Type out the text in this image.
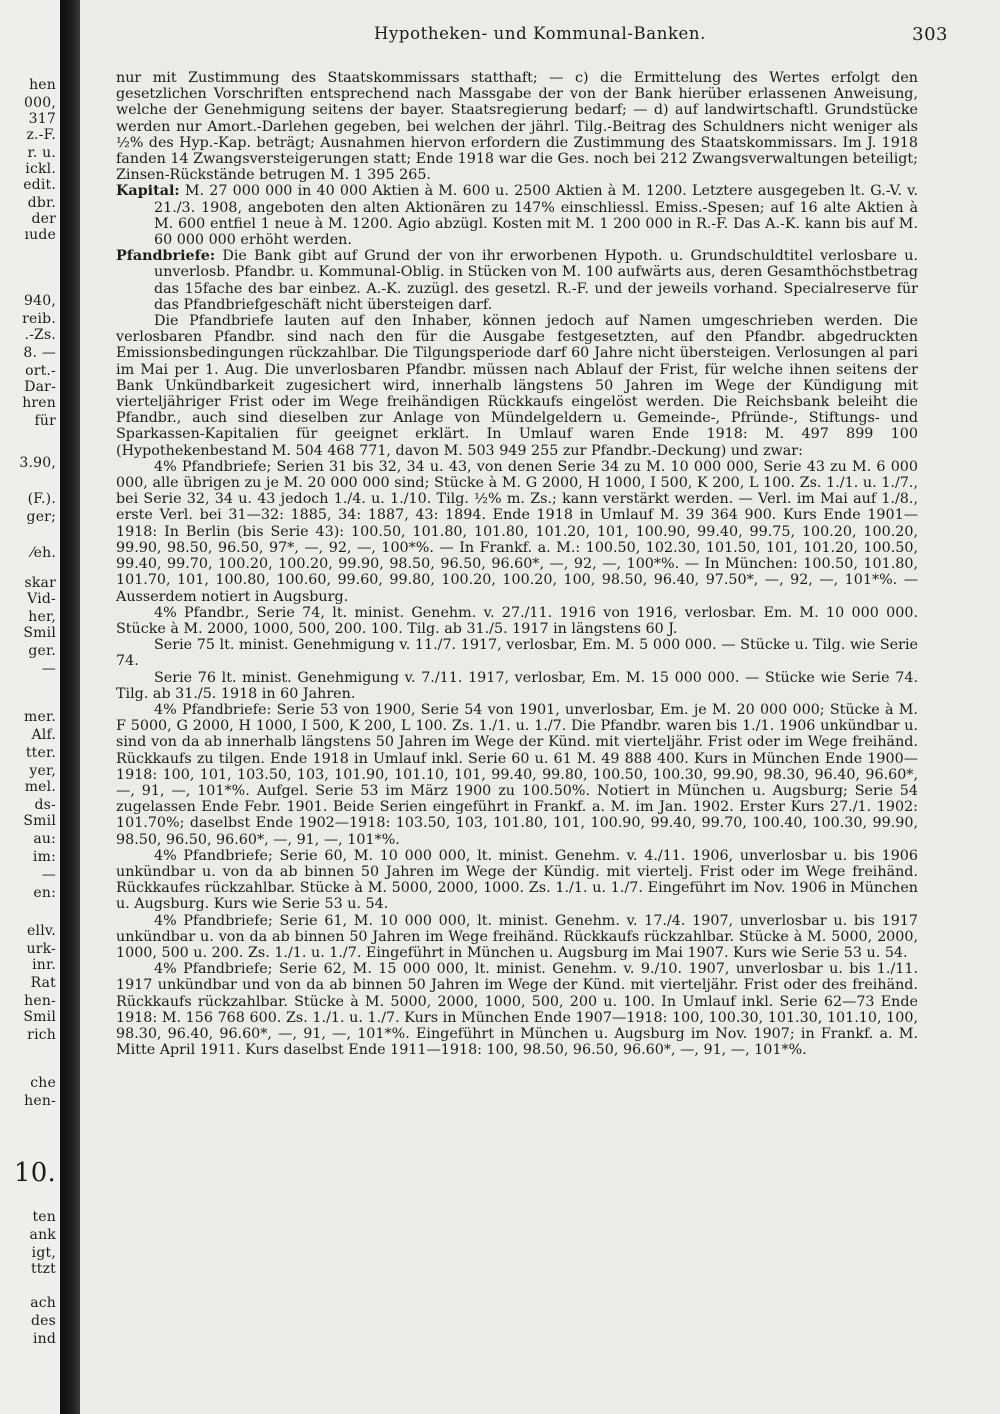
hen
000,
317
z.-F.
r. u.
ickl.
edit.
dbr.
der
ıude
940,
reib.
.-Zs.
8. —
ort.-
Dar-
hren
für
3.90,
(F.).
ger;
⁄eh.
skar
Vid-
her,
Smil
ger.
—
mer.
Alf.
tter.
yer,
mel.
ds-
Smil
au:
im:
—
en:
ellv.
urk-
inr.
Rat
hen-
Smil
rich
che
hen-
10.
ten
ank
igt,
ttzt
ach
des
ind
Hypotheken- und Kommunal-Banken.	303

nur mit Zustimmung des Staatskommissars statthaft; — c) die Ermittelung des Wertes erfolgt den gesetzlichen Vorschriften entsprechend nach Massgabe der von der Bank hierüber erlassenen Anweisung, welche der Genehmigung seitens der bayer. Staatsregierung bedarf; — d) auf landwirtschaftl. Grundstücke werden nur Amort.-Darlehen gegeben, bei welchen der jährl. Tilg.-Beitrag des Schuldners nicht weniger als ½% des Hyp.-Kap. beträgt; Ausnahmen hiervon erfordern die Zustimmung des Staatskommissars. Im J. 1918 fanden 14 Zwangsversteigerungen statt; Ende 1918 war die Ges. noch bei 212 Zwangsverwaltungen beteiligt; Zinsen-Rückstände betrugen M. 1 395 265.

Kapital: M. 27 000 000 in 40 000 Aktien à M. 600 u. 2500 Aktien à M. 1200. Letztere ausgegeben lt. G.-V. v. 21./3. 1908, angeboten den alten Aktionären zu 147% einschliessl. Emiss.-Spesen; auf 16 alte Aktien à M. 600 entfiel 1 neue à M. 1200. Agio abzügl. Kosten mit M. 1 200 000 in R.-F. Das A.-K. kann bis auf M. 60 000 000 erhöht werden.

Pfandbriefe: Die Bank gibt auf Grund der von ihr erworbenen Hypoth. u. Grundschuldtitel verlosbare u. unverlosb. Pfandbr. u. Kommunal-Oblig. in Stücken von M. 100 aufwärts aus, deren Gesamthöchstbetrag das 15fache des bar einbez. A.-K. zuzügl. des gesetzl. R.-F. und der jeweils vorhand. Specialreserve für das Pfandbriefgeschäft nicht übersteigen darf.

Die Pfandbriefe lauten auf den Inhaber, können jedoch auf Namen umgeschrieben werden. Die verlosbaren Pfandbr. sind nach den für die Ausgabe festgesetzten, auf den Pfandbr. abgedruckten Emissionsbedingungen rückzahlbar. Die Tilgungsperiode darf 60 Jahre nicht übersteigen. Verlosungen al pari im Mai per 1. Aug. Die unverlosbaren Pfandbr. müssen nach Ablauf der Frist, für welche ihnen seitens der Bank Unkündbarkeit zugesichert wird, innerhalb längstens 50 Jahren im Wege der Kündigung mit vierteljähriger Frist oder im Wege freihändigen Rückkaufs eingelöst werden. Die Reichsbank beleiht die Pfandbr., auch sind dieselben zur Anlage von Mündelgeldern u. Gemeinde-, Pfründe-, Stiftungs- und Sparkassen-Kapitalien für geeignet erklärt. In Umlauf waren Ende 1918: M. 497 899 100 (Hypothekenbestand M. 504 468 771, davon M. 503 949 255 zur Pfandbr.-Deckung) und zwar:

4% Pfandbriefe; Serien 31 bis 32, 34 u. 43, von denen Serie 34 zu M. 10 000 000, Serie 43 zu M. 6 000 000, alle übrigen zu je M. 20 000 000 sind; Stücke à M. G 2000, H 1000, I 500, K 200, L 100. Zs. 1./1. u. 1./7., bei Serie 32, 34 u. 43 jedoch 1./4. u. 1./10. Tilg. ½% m. Zs.; kann verstärkt werden. — Verl. im Mai auf 1./8., erste Verl. bei 31—32: 1885, 34: 1887, 43: 1894. Ende 1918 in Umlauf M. 39 364 900. Kurs Ende 1901—1918: In Berlin (bis Serie 43): 100.50, 101.80, 101.80, 101.20, 101, 100.90, 99.40, 99.75, 100.20, 100.20, 99.90, 98.50, 96.50, 97*, —, 92, —, 100*%. — In Frankf. a. M.: 100.50, 102.30, 101.50, 101, 101.20, 100.50, 99.40, 99.70, 100.20, 100.20, 99.90, 98.50, 96.50, 96.60*, —, 92, —, 100*%. — In München: 100.50, 101.80, 101.70, 101, 100.80, 100.60, 99.60, 99.80, 100.20, 100.20, 100, 98.50, 96.40, 97.50*, —, 92, —, 101*%. — Ausserdem notiert in Augsburg.

4% Pfandbr., Serie 74, lt. minist. Genehm. v. 27./11. 1916 von 1916, verlosbar. Em. M. 10 000 000. Stücke à M. 2000, 1000, 500, 200. 100. Tilg. ab 31./5. 1917 in längstens 60 J.

Serie 75 lt. minist. Genehmigung v. 11./7. 1917, verlosbar, Em. M. 5 000 000. — Stücke u. Tilg. wie Serie 74.

Serie 76 lt. minist. Genehmigung v. 7./11. 1917, verlosbar, Em. M. 15 000 000. — Stücke wie Serie 74. Tilg. ab 31./5. 1918 in 60 Jahren.

4% Pfandbriefe: Serie 53 von 1900, Serie 54 von 1901, unverlosbar, Em. je M. 20 000 000; Stücke à M. F 5000, G 2000, H 1000, I 500, K 200, L 100. Zs. 1./1. u. 1./7. Die Pfandbr. waren bis 1./1. 1906 unkündbar u. sind von da ab innerhalb längstens 50 Jahren im Wege der Künd. mit vierteljähr. Frist oder im Wege freihänd. Rückkaufs zu tilgen. Ende 1918 in Umlauf inkl. Serie 60 u. 61 M. 49 888 400. Kurs in München Ende 1900—1918: 100, 101, 103.50, 103, 101.90, 101.10, 101, 99.40, 99.80, 100.50, 100.30, 99.90, 98.30, 96.40, 96.60*, —, 91, —, 101*%. Aufgel. Serie 53 im März 1900 zu 100.50%. Notiert in München u. Augsburg; Serie 54 zugelassen Ende Febr. 1901. Beide Serien eingeführt in Frankf. a. M. im Jan. 1902. Erster Kurs 27./1. 1902: 101.70%; daselbst Ende 1902—1918: 103.50, 103, 101.80, 101, 100.90, 99.40, 99.70, 100.40, 100.30, 99.90, 98.50, 96.50, 96.60*, —, 91, —, 101*%.

4% Pfandbriefe; Serie 60, M. 10 000 000, lt. minist. Genehm. v. 4./11. 1906, unverlosbar u. bis 1906 unkündbar u. von da ab binnen 50 Jahren im Wege der Kündig. mit viertelj. Frist oder im Wege freihänd. Rückkaufes rückzahlbar. Stücke à M. 5000, 2000, 1000. Zs. 1./1. u. 1./7. Eingeführt im Nov. 1906 in München u. Augsburg. Kurs wie Serie 53 u. 54.

4% Pfandbriefe; Serie 61, M. 10 000 000, lt. minist. Genehm. v. 17./4. 1907, unverlosbar u. bis 1917 unkündbar u. von da ab binnen 50 Jahren im Wege freihänd. Rückkaufs rückzahlbar. Stücke à M. 5000, 2000, 1000, 500 u. 200. Zs. 1./1. u. 1./7. Eingeführt in München u. Augsburg im Mai 1907. Kurs wie Serie 53 u. 54.

4% Pfandbriefe; Serie 62, M. 15 000 000, lt. minist. Genehm. v. 9./10. 1907, unverlosbar u. bis 1./11. 1917 unkündbar und von da ab binnen 50 Jahren im Wege der Künd. mit vierteljähr. Frist oder des freihänd. Rückkaufs rückzahlbar. Stücke à M. 5000, 2000, 1000, 500, 200 u. 100. In Umlauf inkl. Serie 62—73 Ende 1918: M. 156 768 600. Zs. 1./1. u. 1./7. Kurs in München Ende 1907—1918: 100, 100.30, 101.30, 101.10, 100, 98.30, 96.40, 96.60*, —, 91, —, 101*%. Eingeführt in München u. Augsburg im Nov. 1907; in Frankf. a. M. Mitte April 1911. Kurs daselbst Ende 1911—1918: 100, 98.50, 96.50, 96.60*, —, 91, —, 101*%.
